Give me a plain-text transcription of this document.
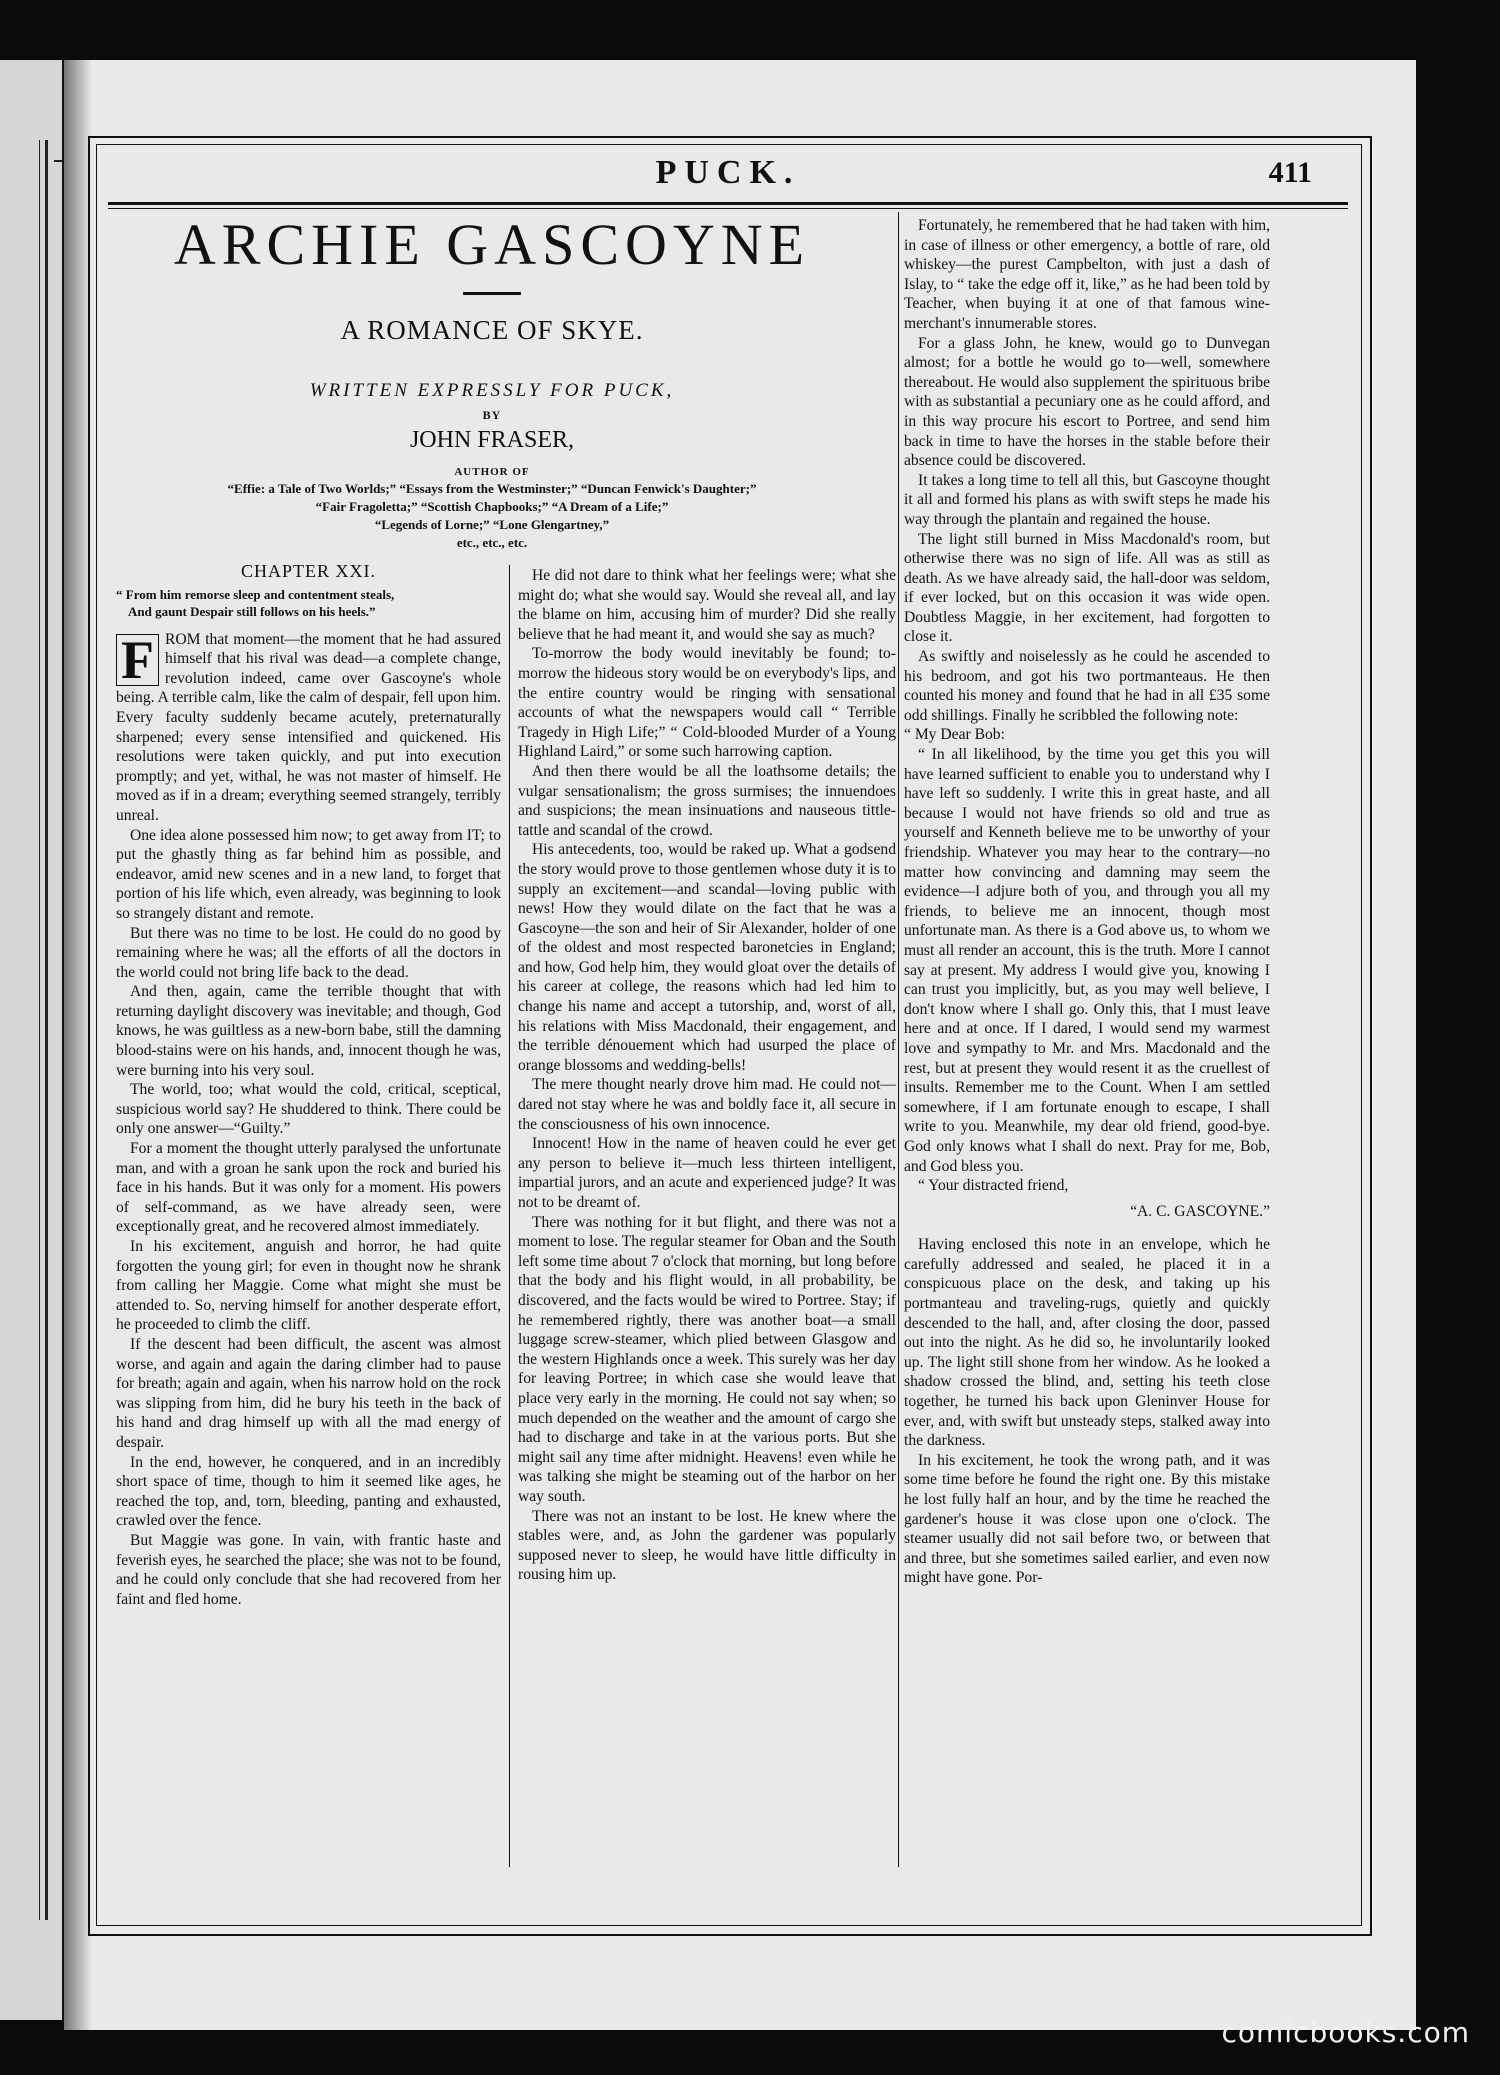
PUCK.	411
ARCHIE GASCOYNE
A ROMANCE OF SKYE.
WRITTEN EXPRESSLY FOR PUCK,
BY
JOHN FRASER,
AUTHOR OF
“Effie: a Tale of Two Worlds;” “Essays from the Westminster;” “Duncan Fenwick's Daughter;”
“Fair Fragoletta;” “Scottish Chapbooks;” “A Dream of a Life;”
“Legends of Lorne;” “Lone Glengartney,”
etc., etc., etc.
CHAPTER XXI.
“ From him remorse sleep and contentment steals,
And gaunt Despair still follows on his heels.”

F ROM that moment—the moment that he had assured himself that his rival was dead—a complete change, revolution indeed, came over Gascoyne's whole being. A terrible calm, like the calm of despair, fell upon him. Every faculty suddenly became acutely, preternaturally sharpened; every sense intensified and quickened. His resolutions were taken quickly, and put into execution promptly; and yet, withal, he was not master of himself. He moved as if in a dream; everything seemed strangely, terribly unreal.

One idea alone possessed him now; to get away from IT; to put the ghastly thing as far behind him as possible, and endeavor, amid new scenes and in a new land, to forget that portion of his life which, even already, was beginning to look so strangely distant and remote.

But there was no time to be lost. He could do no good by remaining where he was; all the efforts of all the doctors in the world could not bring life back to the dead.

And then, again, came the terrible thought that with returning daylight discovery was inevitable; and though, God knows, he was guiltless as a new-born babe, still the damning blood-stains were on his hands, and, innocent though he was, were burning into his very soul.

The world, too; what would the cold, critical, sceptical, suspicious world say? He shuddered to think. There could be only one answer—“Guilty.”

For a moment the thought utterly paralysed the unfortunate man, and with a groan he sank upon the rock and buried his face in his hands. But it was only for a moment. His powers of self-command, as we have already seen, were exceptionally great, and he recovered almost immediately.

In his excitement, anguish and horror, he had quite forgotten the young girl; for even in thought now he shrank from calling her Maggie. Come what might she must be attended to. So, nerving himself for another desperate effort, he proceeded to climb the cliff.

If the descent had been difficult, the ascent was almost worse, and again and again the daring climber had to pause for breath; again and again, when his narrow hold on the rock was slipping from him, did he bury his teeth in the back of his hand and drag himself up with all the mad energy of despair.

In the end, however, he conquered, and in an incredibly short space of time, though to him it seemed like ages, he reached the top, and, torn, bleeding, panting and exhausted, crawled over the fence.

But Maggie was gone. In vain, with frantic haste and feverish eyes, he searched the place; she was not to be found, and he could only conclude that she had recovered from her faint and fled home.

He did not dare to think what her feelings were; what she might do; what she would say. Would she reveal all, and lay the blame on him, accusing him of murder? Did she really believe that he had meant it, and would she say as much?

To-morrow the body would inevitably be found; to-morrow the hideous story would be on everybody's lips, and the entire country would be ringing with sensational accounts of what the newspapers would call “ Terrible Tragedy in High Life;” “ Cold-blooded Murder of a Young Highland Laird,” or some such harrowing caption.

And then there would be all the loathsome details; the vulgar sensationalism; the gross surmises; the innuendoes and suspicions; the mean insinuations and nauseous tittle-tattle and scandal of the crowd.

His antecedents, too, would be raked up. What a godsend the story would prove to those gentlemen whose duty it is to supply an excitement—and scandal—loving public with news! How they would dilate on the fact that he was a Gascoyne—the son and heir of Sir Alexander, holder of one of the oldest and most respected baronetcies in England; and how, God help him, they would gloat over the details of his career at college, the reasons which had led him to change his name and accept a tutorship, and, worst of all, his relations with Miss Macdonald, their engagement, and the terrible dénouement which had usurped the place of orange blossoms and wedding-bells!

The mere thought nearly drove him mad. He could not—dared not stay where he was and boldly face it, all secure in the consciousness of his own innocence.

Innocent! How in the name of heaven could he ever get any person to believe it—much less thirteen intelligent, impartial jurors, and an acute and experienced judge? It was not to be dreamt of.

There was nothing for it but flight, and there was not a moment to lose. The regular steamer for Oban and the South left some time about 7 o'clock that morning, but long before that the body and his flight would, in all probability, be discovered, and the facts would be wired to Portree. Stay; if he remembered rightly, there was another boat—a small luggage screw-steamer, which plied between Glasgow and the western Highlands once a week. This surely was her day for leaving Portree; in which case she would leave that place very early in the morning. He could not say when; so much depended on the weather and the amount of cargo she had to discharge and take in at the various ports. But she might sail any time after midnight. Heavens! even while he was talking she might be steaming out of the harbor on her way south.

There was not an instant to be lost. He knew where the stables were, and, as John the gardener was popularly supposed never to sleep, he would have little difficulty in rousing him up.

Fortunately, he remembered that he had taken with him, in case of illness or other emergency, a bottle of rare, old whiskey—the purest Campbelton, with just a dash of Islay, to “ take the edge off it, like,” as he had been told by Teacher, when buying it at one of that famous wine-merchant's innumerable stores.

For a glass John, he knew, would go to Dunvegan almost; for a bottle he would go to—well, somewhere thereabout. He would also supplement the spirituous bribe with as substantial a pecuniary one as he could afford, and in this way procure his escort to Portree, and send him back in time to have the horses in the stable before their absence could be discovered.

It takes a long time to tell all this, but Gascoyne thought it all and formed his plans as with swift steps he made his way through the plantain and regained the house.

The light still burned in Miss Macdonald's room, but otherwise there was no sign of life. All was as still as death. As we have already said, the hall-door was seldom, if ever locked, but on this occasion it was wide open. Doubtless Maggie, in her excitement, had forgotten to close it.

As swiftly and noiselessly as he could he ascended to his bedroom, and got his two portmanteaus. He then counted his money and found that he had in all £35 some odd shillings. Finally he scribbled the following note:

“ My Dear Bob:

“ In all likelihood, by the time you get this you will have learned sufficient to enable you to understand why I have left so suddenly. I write this in great haste, and all because I would not have friends so old and true as yourself and Kenneth believe me to be unworthy of your friendship. Whatever you may hear to the contrary—no matter how convincing and damning may seem the evidence—I adjure both of you, and through you all my friends, to believe me an innocent, though most unfortunate man. As there is a God above us, to whom we must all render an account, this is the truth. More I cannot say at present. My address I would give you, knowing I can trust you implicitly, but, as you may well believe, I don't know where I shall go. Only this, that I must leave here and at once. If I dared, I would send my warmest love and sympathy to Mr. and Mrs. Macdonald and the rest, but at present they would resent it as the cruellest of insults. Remember me to the Count. When I am settled somewhere, if I am fortunate enough to escape, I shall write to you. Meanwhile, my dear old friend, good-bye. God only knows what I shall do next. Pray for me, Bob, and God bless you.

“ Your distracted friend,

“A. C. GASCOYNE.”

Having enclosed this note in an envelope, which he carefully addressed and sealed, he placed it in a conspicuous place on the desk, and taking up his portmanteau and traveling-rugs, quietly and quickly descended to the hall, and, after closing the door, passed out into the night. As he did so, he involuntarily looked up. The light still shone from her window. As he looked a shadow crossed the blind, and, setting his teeth close together, he turned his back upon Gleninver House for ever, and, with swift but unsteady steps, stalked away into the darkness.

In his excitement, he took the wrong path, and it was some time before he found the right one. By this mistake he lost fully half an hour, and by the time he reached the gardener's house it was close upon one o'clock. The steamer usually did not sail before two, or between that and three, but she sometimes sailed earlier, and even now might have gone. Por-

comicbooks.com
